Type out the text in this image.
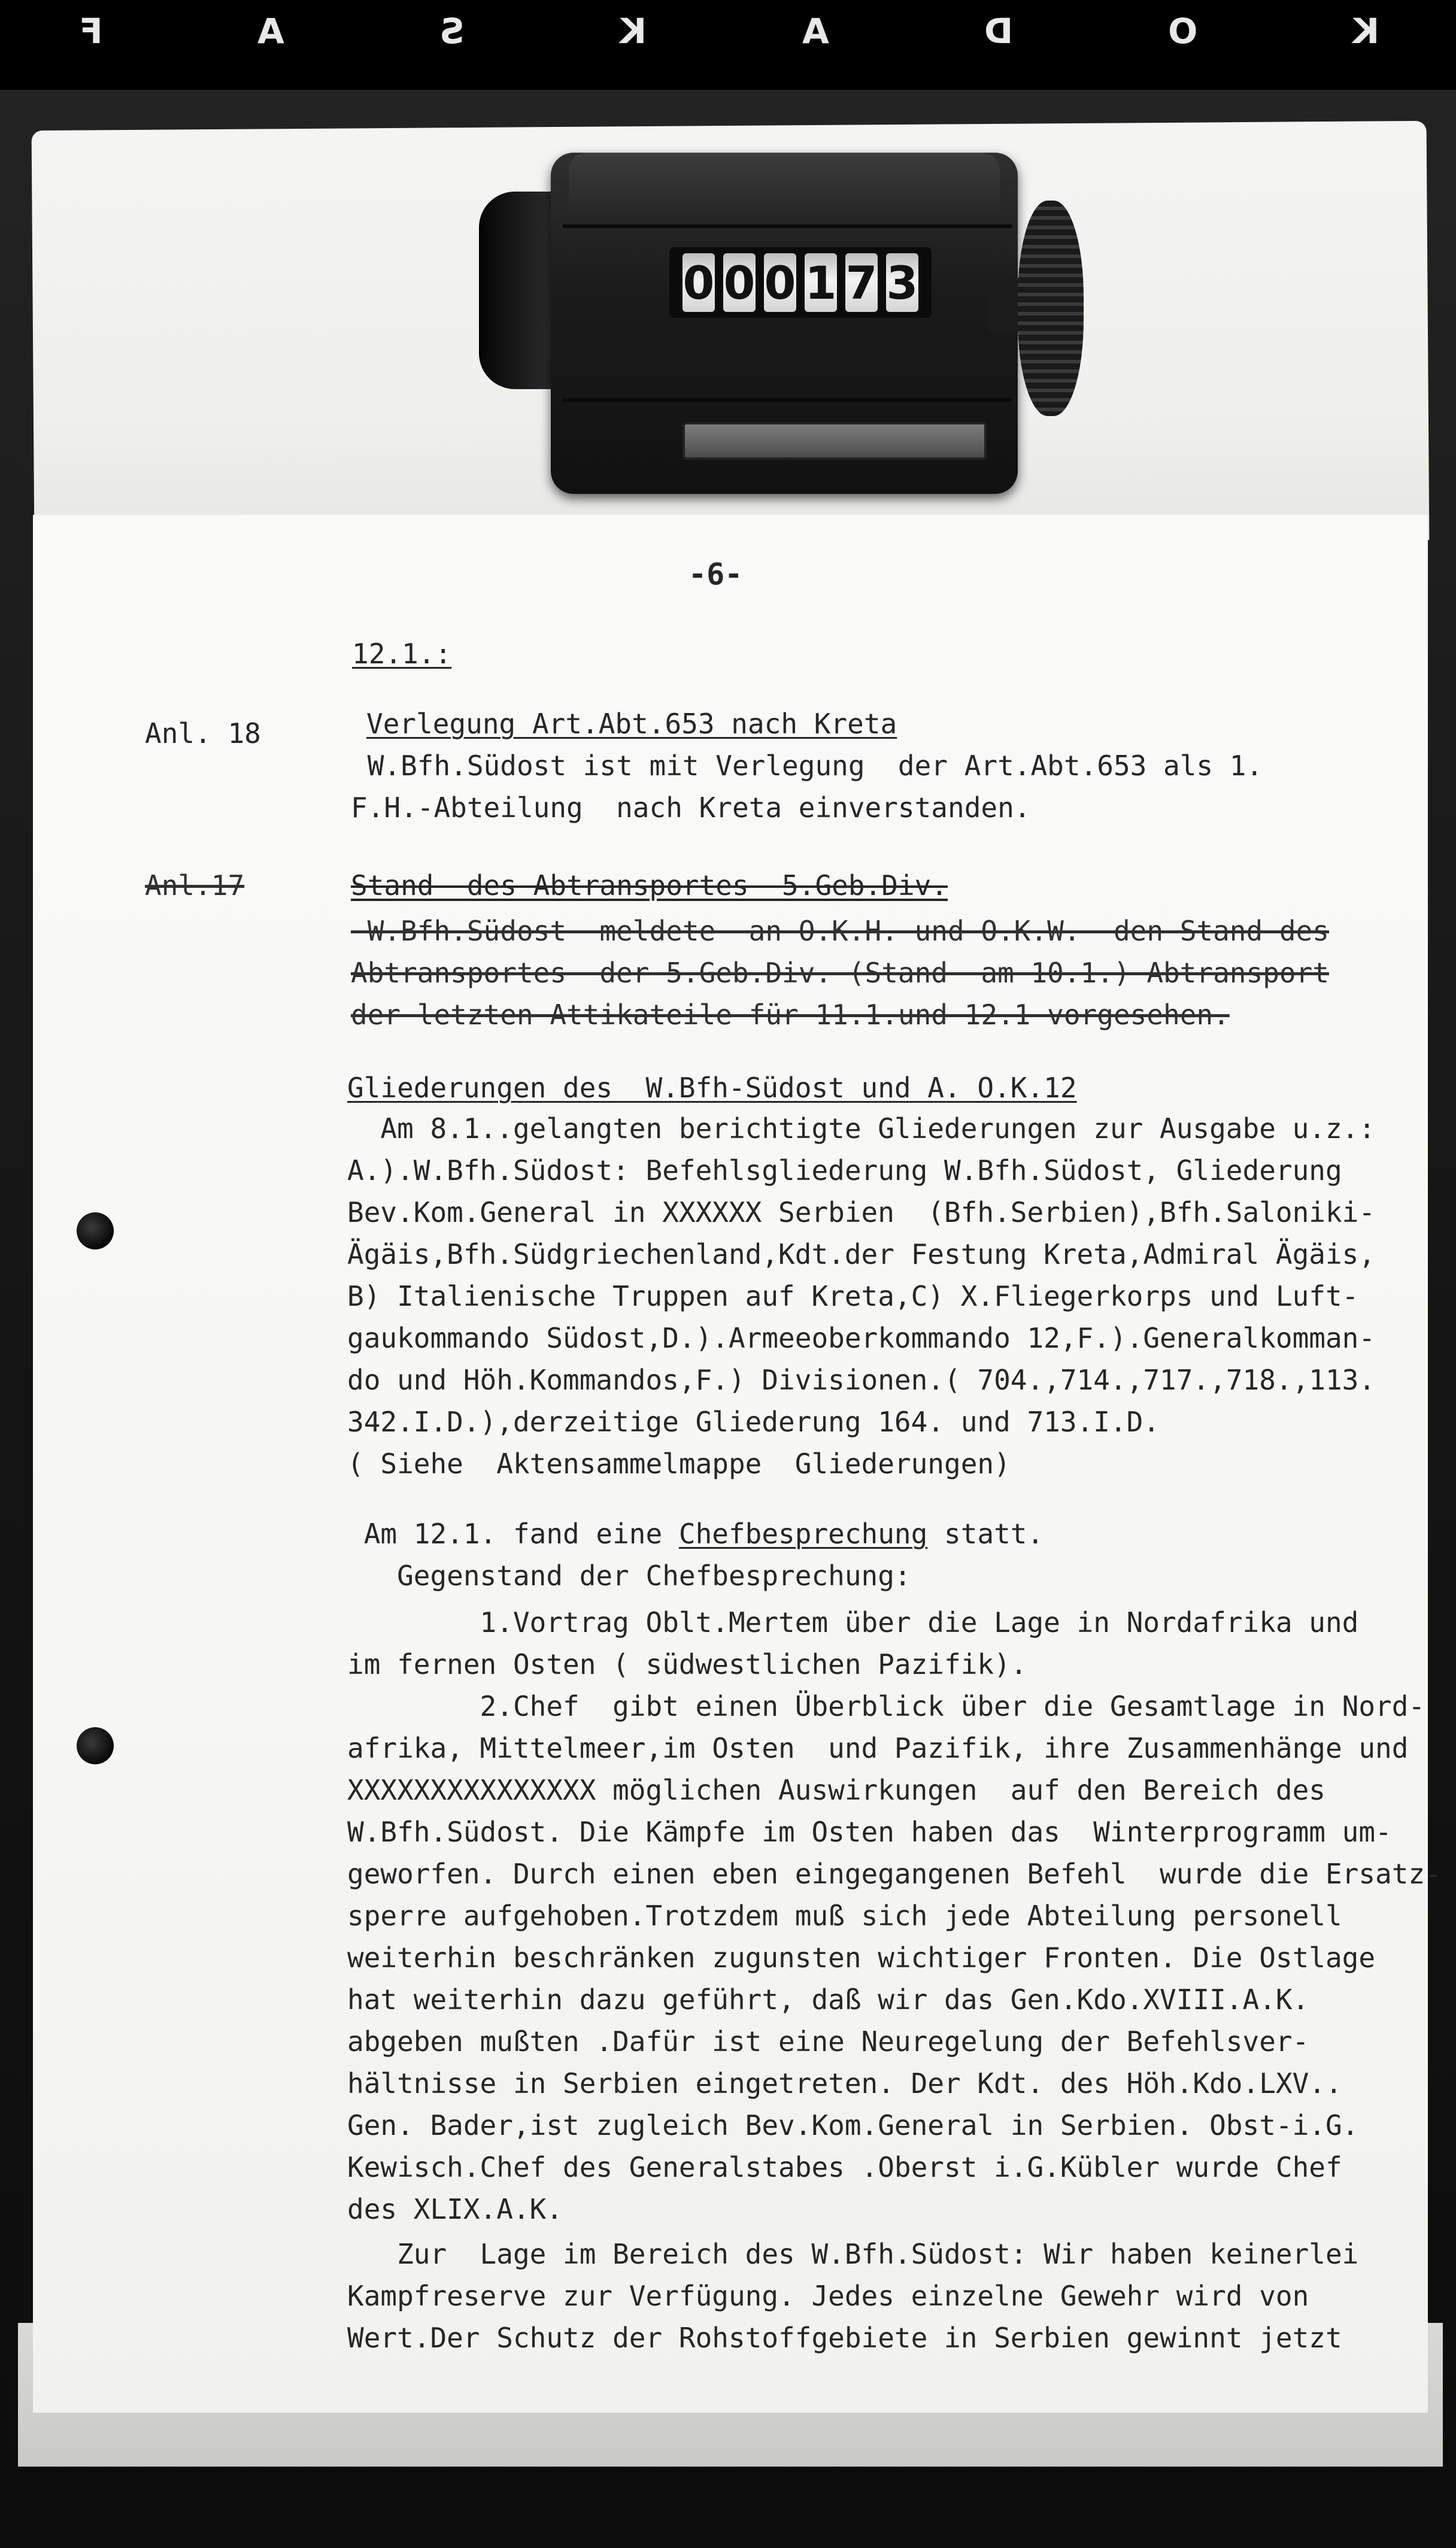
F	A	S	K	A	D	O	K
0 0 0 1 7 3
-6-
12.1.:
Anl. 18	Verlegung Art.Abt.653 nach Kreta
W.Bfh.Südost ist mit Verlegung  der Art.Abt.653 als 1.
F.H.-Abteilung  nach Kreta einverstanden.
Anl.17	Stand  des Abtransportes  5.Geb.Div.
W.Bfh.Südost  meldete  an O.K.H. und O.K.W.  den Stand des
Abtransportes  der 5.Geb.Div. (Stand  am 10.1.) Abtransport
der letzten Attikateile für 11.1.und 12.1 vorgesehen.
Gliederungen des  W.Bfh-Südost und A. O.K.12
Am 8.1..gelangten berichtigte Gliederungen zur Ausgabe u.z.:
A.).W.Bfh.Südost: Befehlsgliederung W.Bfh.Südost, Gliederung
Bev.Kom.General in XXXXXX Serbien  (Bfh.Serbien),Bfh.Saloniki-
Ägäis,Bfh.Südgriechenland,Kdt.der Festung Kreta,Admiral Ägäis,
B) Italienische Truppen auf Kreta,C) X.Fliegerkorps und Luft-
gaukommando Südost,D.).Armeeoberkommando 12,F.).Generalkomman-
do und Höh.Kommandos,F.) Divisionen.( 704.,714.,717.,718.,113.
342.I.D.),derzeitige Gliederung 164. und 713.I.D.
( Siehe  Aktensammelmappe  Gliederungen)
Am 12.1. fand eine Chefbesprechung statt.
Gegenstand der Chefbesprechung:
1.Vortrag Oblt.Mertem über die Lage in Nordafrika und
im fernen Osten ( südwestlichen Pazifik).
2.Chef  gibt einen Überblick über die Gesamtlage in Nord-
afrika, Mittelmeer,im Osten  und Pazifik, ihre Zusammenhänge und
XXXXXXXXXXXXXXX möglichen Auswirkungen  auf den Bereich des
W.Bfh.Südost. Die Kämpfe im Osten haben das  Winterprogramm um-
geworfen. Durch einen eben eingegangenen Befehl  wurde die Ersatz-
sperre aufgehoben.Trotzdem muß sich jede Abteilung personell
weiterhin beschränken zugunsten wichtiger Fronten. Die Ostlage
hat weiterhin dazu geführt, daß wir das Gen.Kdo.XVIII.A.K.
abgeben mußten .Dafür ist eine Neuregelung der Befehlsver-
hältnisse in Serbien eingetreten. Der Kdt. des Höh.Kdo.LXV..
Gen. Bader,ist zugleich Bev.Kom.General in Serbien. Obst-i.G.
Kewisch.Chef des Generalstabes .Oberst i.G.Kübler wurde Chef
des XLIX.A.K.
Zur  Lage im Bereich des W.Bfh.Südost: Wir haben keinerlei
Kampfreserve zur Verfügung. Jedes einzelne Gewehr wird von
Wert.Der Schutz der Rohstoffgebiete in Serbien gewinnt jetzt
